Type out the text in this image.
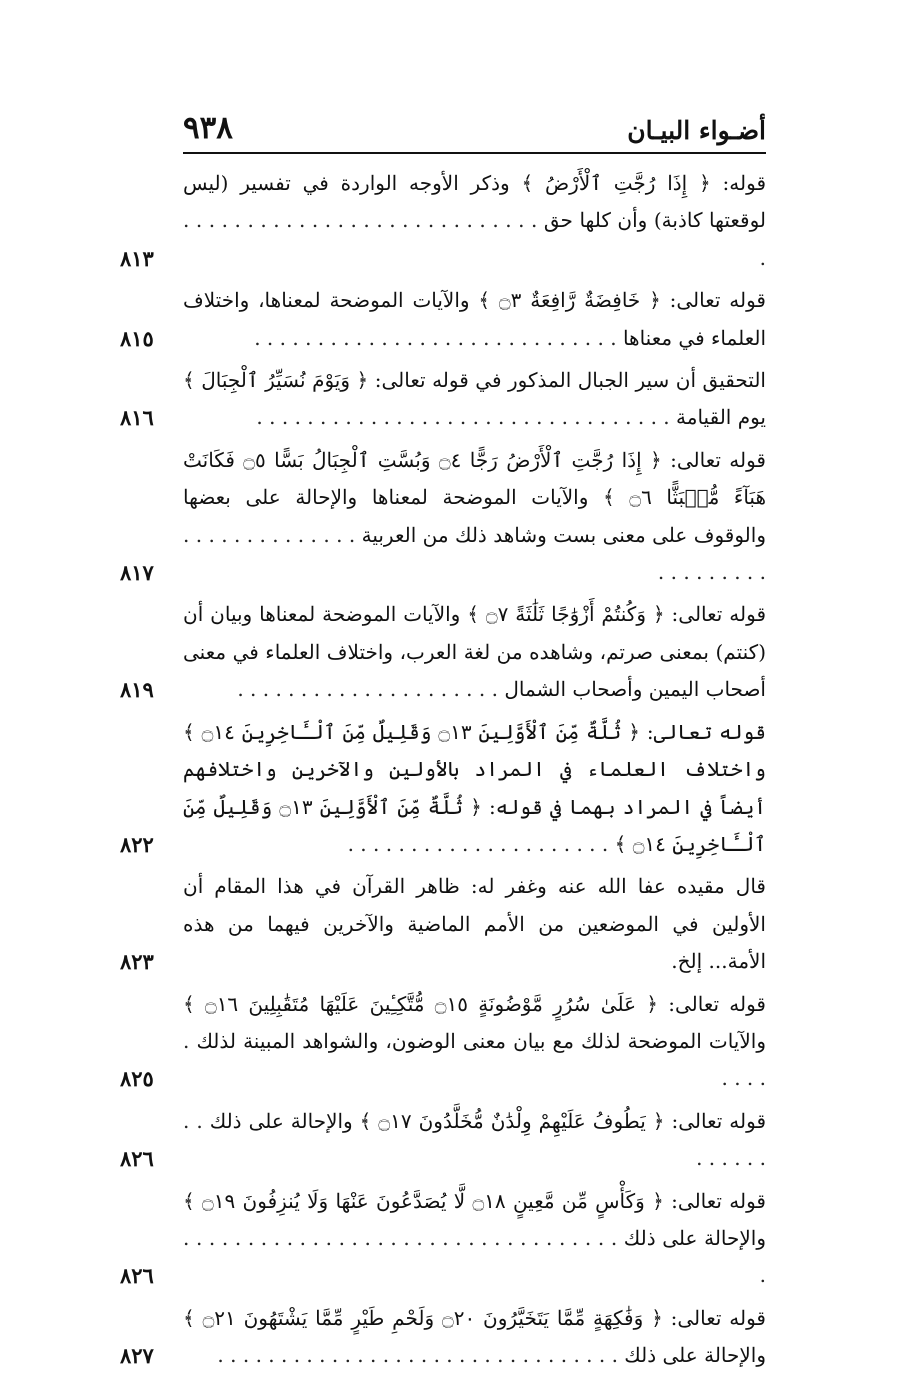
أضـواء البيـان
٩٣٨
قوله: ﴿ إِذَا رُجَّتِ ٱلْأَرْضُ ﴾ وذكر الأوجه الواردة في تفسير (ليس لوقعتها كاذبة) وأن كلها حق . . . . . . . . . . . . . . . . . . . . . . . . . . . . .
٨١٣
قوله تعالى: ﴿ خَافِضَةٌ رَّافِعَةٌ ۝٣ ﴾ والآيات الموضحة لمعناها، واختلاف العلماء في معناها . . . . . . . . . . . . . . . . . . . . . . . . . . . . .
٨١٥
التحقيق أن سير الجبال المذكور في قوله تعالى: ﴿ وَيَوْمَ نُسَيِّرُ ٱلْجِبَالَ ﴾ يوم القيامة . . . . . . . . . . . . . . . . . . . . . . . . . . . . . . . . .
٨١٦
قوله تعالى: ﴿ إِذَا رُجَّتِ ٱلْأَرْضُ رَجًّا ۝٤ وَبُسَّتِ ٱلْجِبَالُ بَسًّا ۝٥ فَكَانَتْ هَبَآءً مُّنۢبَثًّا ۝٦ ﴾ والآيات الموضحة لمعناها والإحالة على بعضها والوقوف على معنى بست وشاهد ذلك من العربية . . . . . . . . . . . . . . . . . . . . . . .
٨١٧
قوله تعالى: ﴿ وَكُنتُمْ أَزْوَٰجًا ثَلَٰثَةً ۝٧ ﴾ والآيات الموضحة لمعناها وبيان أن (كنتم) بمعنى صرتم، وشاهده من لغة العرب، واختلاف العلماء في معنى أصحاب اليمين وأصحاب الشمال . . . . . . . . . . . . . . . . . . . . .
٨١٩
قوله تعالى: ﴿ ثُلَّةٌ مِّنَ ٱلْأَوَّلِينَ ۝١٣ وَقَلِيلٌ مِّنَ ٱلْـَٔاخِرِينَ ۝١٤ ﴾ واختلاف العلماء في المراد بالأولين والآخرين واختلافهم أيضاً في المراد بهما في قوله: ﴿ ثُلَّةٌ مِّنَ ٱلْأَوَّلِينَ ۝١٣ وَقَلِيلٌ مِّنَ ٱلْـَٔاخِرِينَ ۝١٤ ﴾ . . . . . . . . . . . . . . . . . . . . .
٨٢٢
قال مقيده عفا الله عنه وغفر له: ظاهر القرآن في هذا المقام أن الأولين في الموضعين من الأمم الماضية والآخرين فيهما من هذه الأمة... إلخ.
٨٢٣
قوله تعالى: ﴿ عَلَىٰ سُرُرٍ مَّوْضُونَةٍ ۝١٥ مُّتَّكِـِٔينَ عَلَيْهَا مُتَقَٰبِلِينَ ۝١٦ ﴾ والآيات الموضحة لذلك مع بيان معنى الوضون، والشواهد المبينة لذلك . . . . .
٨٢٥
قوله تعالى: ﴿ يَطُوفُ عَلَيْهِمْ وِلْدَٰنٌ مُّخَلَّدُونَ ۝١٧ ﴾ والإحالة على ذلك . . . . . . . .
٨٢٦
قوله تعالى: ﴿ وَكَأْسٍ مِّن مَّعِينٍ ۝١٨ لَّا يُصَدَّعُونَ عَنْهَا وَلَا يُنزِفُونَ ۝١٩ ﴾ والإحالة على ذلك . . . . . . . . . . . . . . . . . . . . . . . . . . . . . . . . . . .
٨٢٦
قوله تعالى: ﴿ وَفَٰكِهَةٍ مِّمَّا يَتَخَيَّرُونَ ۝٢٠ وَلَحْمِ طَيْرٍ مِّمَّا يَشْتَهُونَ ۝٢١ ﴾ والإحالة على ذلك . . . . . . . . . . . . . . . . . . . . . . . . . . . . . . . .
٨٢٧
